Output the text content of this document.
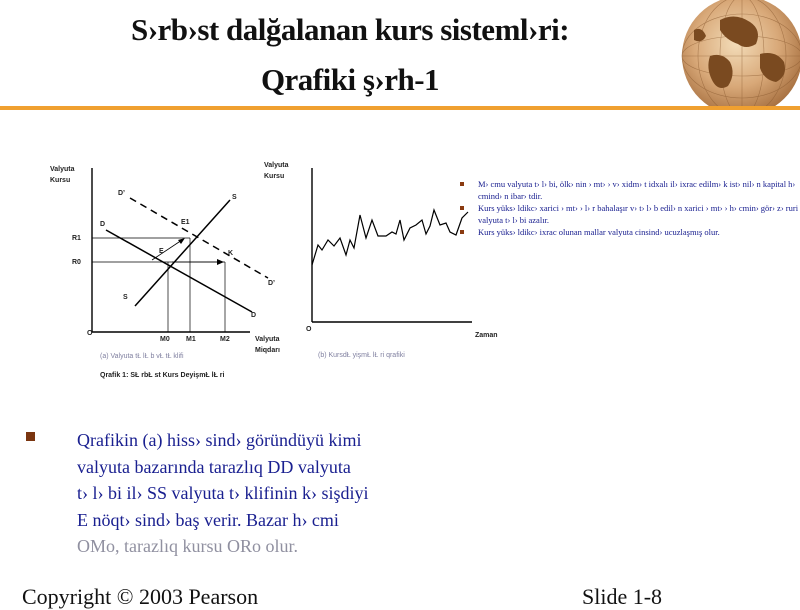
S›rb›st dalğalanan kurs sisteml›ri:
Qrafiki ş›rh-1
Valyuta
Kursu
R1
R0
O
M0 M1	M2	Valyuta
Miqdarı
D
D
D’
D’
S
S
E
E1
K
(a) Valyuta tŁ lŁ b vŁ tŁ klifi
Qrafik 1: SŁ rbŁ st Kurs DeyişmŁ lŁ ri
Valyuta
Kursu
O
Zaman
(b) KursdŁ yişmŁ lŁ ri qrafiki
M› cmu valyuta t› l› bi, ölk› nin › mt› › v› xidm› t idxalı il› ixrac edilm› k ist› nil› n kapital h› cmind› n ibar› tdir.
Kurs yüks› ldikc› xarici › mt› › l› r bahalaşır v› t› l› b edil› n xarici › mt› › h› cmin› gör› z› ruri valyuta t› l› bi azalır.
Kurs yüks› ldikc› ixrac olunan mallar valyuta cinsind› ucuzlaşmış olur.
Qrafikin (a) hiss› sind› göründüyü kimi
valyuta bazarında tarazlıq DD valyuta
t› l› bi il› SS valyuta t› klifinin k› sişdiyi
E nöqt› sind› baş verir. Bazar h› cmi
OMo, tarazlıq kursu ORo olur.
Copyright © 2003 Pearson	Slide 1-8
